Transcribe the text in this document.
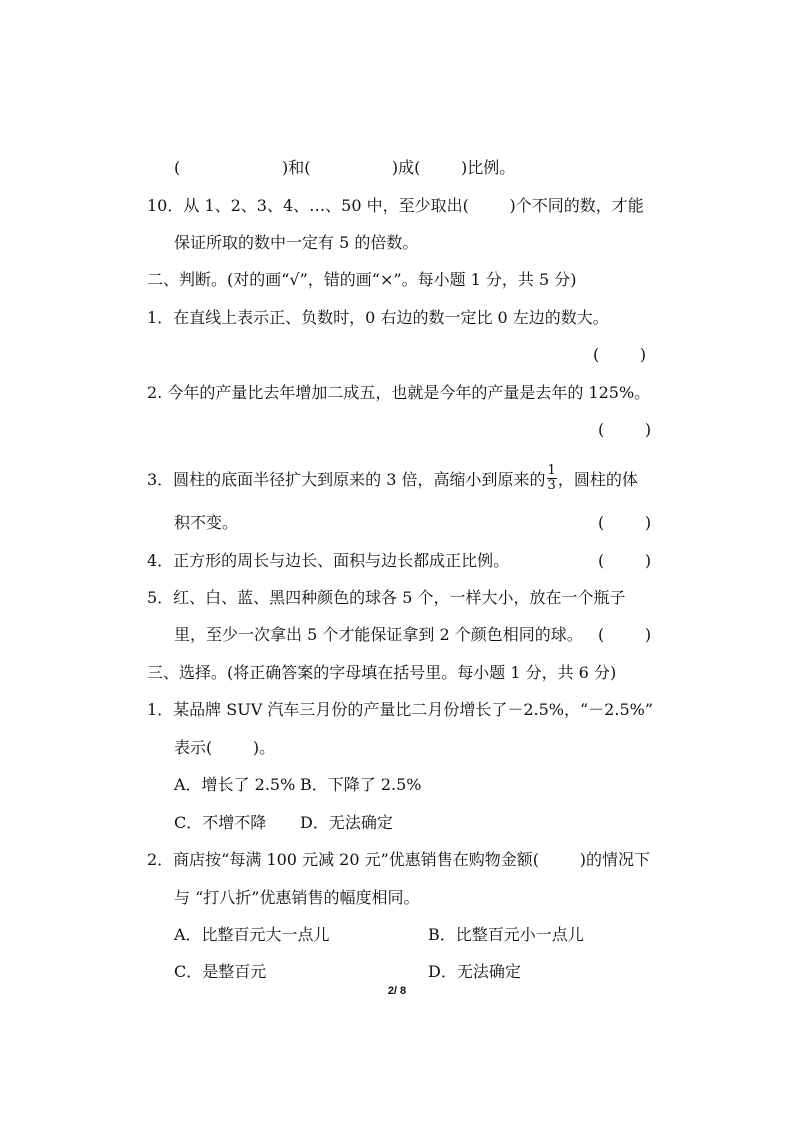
(                    )和(                )成(        )比例。
10．从 1、2、3、4、…、50 中，至少取出(        )个不同的数，才能
保证所取的数中一定有 5 的倍数。
二、判断。(对的画“√”，错的画“×”。每小题 1 分，共 5 分)
1．在直线上表示正、负数时，0 右边的数一定比 0 左边的数大。
(        )
2. 今年的产量比去年增加二成五，也就是今年的产量是去年的 125%。
(        )
3．圆柱的底面半径扩大到原来的 3 倍，高缩小到原来的 $\frac{1}{3}$ ，圆柱的体
积不变。	(        )
4．正方形的周长与边长、面积与边长都成正比例。	(        )
5．红、白、蓝、黑四种颜色的球各 5 个，一样大小，放在一个瓶子
里，至少一次拿出 5 个才能保证拿到 2 个颜色相同的球。 (        )
三、选择。(将正确答案的字母填在括号里。每小题 1 分，共 6 分)
1．某品牌 SUV 汽车三月份的产量比二月份增长了－2.5%，“－2.5%”
表示(        )。
A．增长了 2.5% B．下降了 2.5%
C．不增不降 D．无法确定
2．商店按“每满 100 元减 20 元”优惠销售在购物金额(        )的情况下
与 “打八折”优惠销售的幅度相同。
A．比整百元大一点儿	B．比整百元小一点儿
C．是整百元	D．无法确定
2/ 8
